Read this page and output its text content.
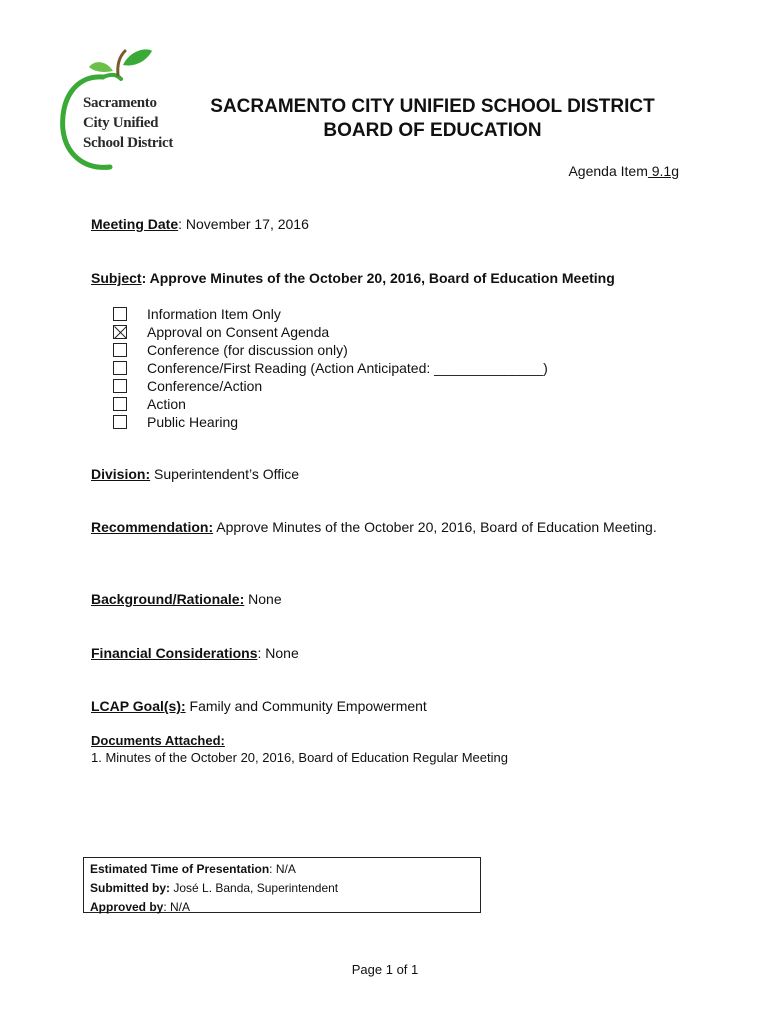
Sacramento
City Unified
School District
SACRAMENTO CITY UNIFIED SCHOOL DISTRICT
BOARD OF EDUCATION
Agenda Item 9.1g
Meeting Date: November 17, 2016
Subject: Approve Minutes of the October 20, 2016, Board of Education Meeting
Information Item Only
Approval on Consent Agenda
Conference (for discussion only)
Conference/First Reading (Action Anticipated: ______________)
Conference/Action
Action
Public Hearing
Division: Superintendent’s Office
Recommendation: Approve Minutes of the October 20, 2016, Board of Education Meeting.
Background/Rationale: None
Financial Considerations: None
LCAP Goal(s): Family and Community Empowerment
Documents Attached:
1. Minutes of the October 20, 2016, Board of Education Regular Meeting
Estimated Time of Presentation: N/A
Submitted by: José L. Banda, Superintendent
Approved by: N/A
Page 1 of 1
